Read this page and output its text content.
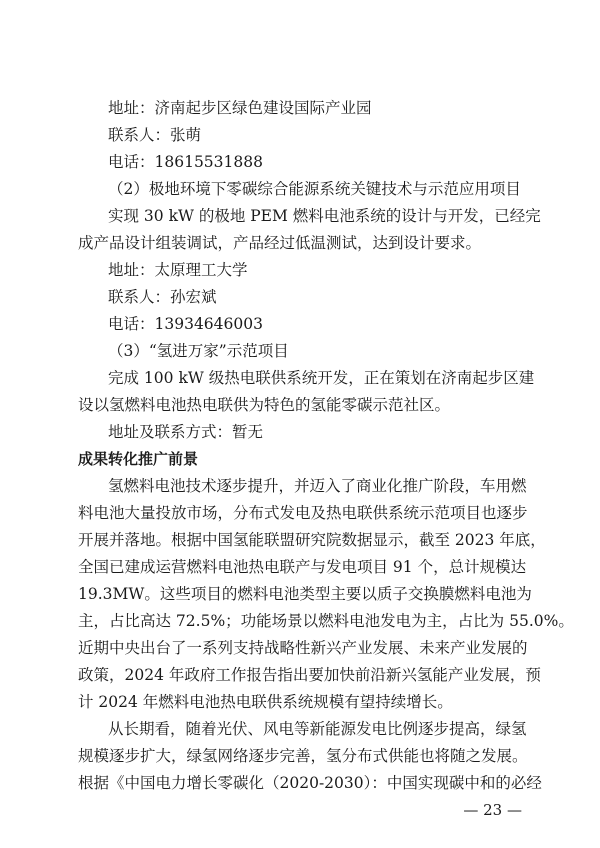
地址：济南起步区绿色建设国际产业园
联系人：张萌
电话：18615531888
（2）极地环境下零碳综合能源系统关键技术与示范应用项目
实现 30 kW 的极地 PEM 燃料电池系统的设计与开发，已经完
成产品设计组装调试，产品经过低温测试，达到设计要求。
地址：太原理工大学
联系人：孙宏斌
电话：13934646003
（3）“氢进万家”示范项目
完成 100 kW 级热电联供系统开发，正在策划在济南起步区建
设以氢燃料电池热电联供为特色的氢能零碳示范社区。
地址及联系方式：暂无
成果转化推广前景
氢燃料电池技术逐步提升，并迈入了商业化推广阶段，车用燃
料电池大量投放市场，分布式发电及热电联供系统示范项目也逐步
开展并落地。根据中国氢能联盟研究院数据显示，截至 2023 年底，
全国已建成运营燃料电池热电联产与发电项目 91 个，总计规模达
19.3MW。这些项目的燃料电池类型主要以质子交换膜燃料电池为
主，占比高达 72.5%；功能场景以燃料电池发电为主，占比为 55.0%。
近期中央出台了一系列支持战略性新兴产业发展、未来产业发展的
政策，2024 年政府工作报告指出要加快前沿新兴氢能产业发展，预
计 2024 年燃料电池热电联供系统规模有望持续增长。
从长期看，随着光伏、风电等新能源发电比例逐步提高，绿氢
规模逐步扩大，绿氢网络逐步完善，氢分布式供能也将随之发展。
根据《中国电力增长零碳化（2020-2030）：中国实现碳中和的必经
— 23 —
